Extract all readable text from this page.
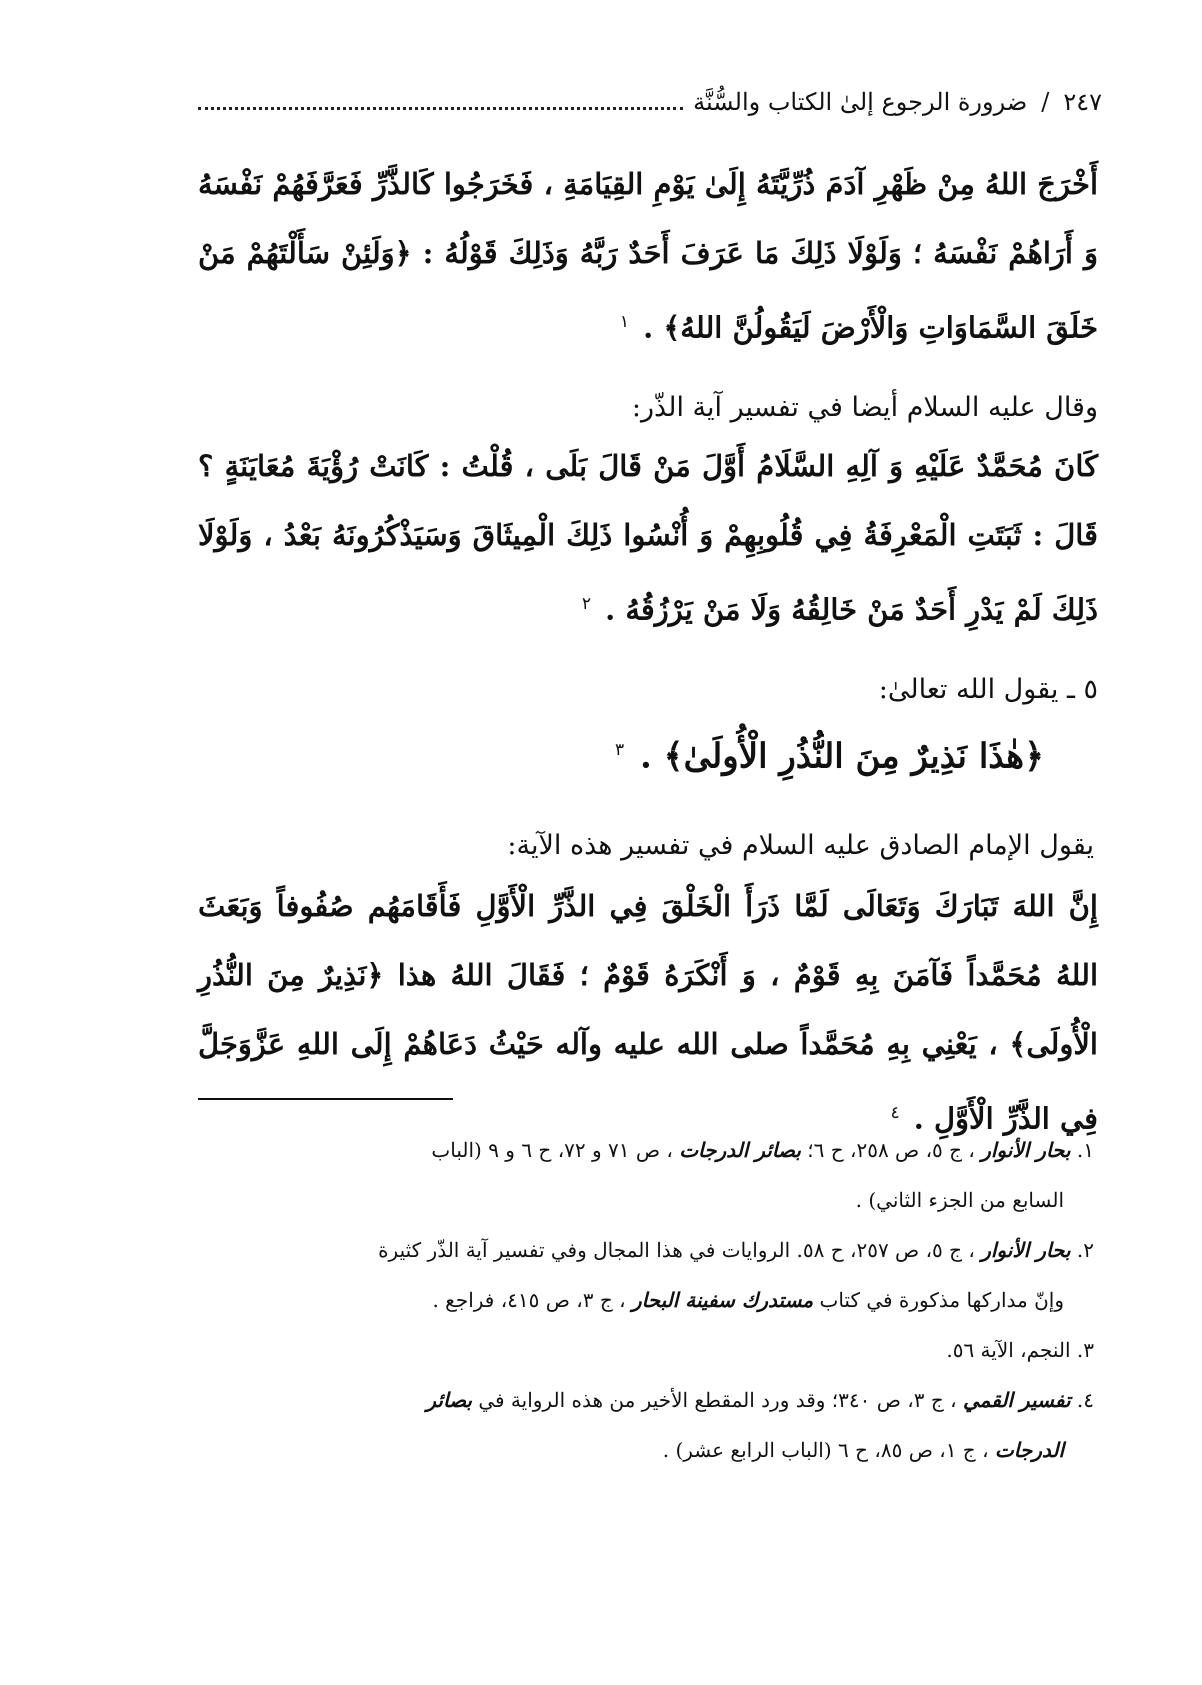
٢٤٧
/
ضرورة الرجوع إلىٰ الكتاب والسُّنَّة
أَخْرَجَ اللهُ مِنْ ظَهْرِ آدَمَ ذُرِّيَّتَهُ إِلَىٰ يَوْمِ القِيَامَةِ ، فَخَرَجُوا كَالذَّرِّ فَعَرَّفَهُمْ نَفْسَهُ وَ أَرَاهُمْ نَفْسَهُ ؛ وَلَوْلَا ذَلِكَ مَا عَرَفَ أَحَدٌ رَبَّهُ وَذَلِكَ قَوْلُهُ : ﴿وَلَئِنْ سَأَلْتَهُمْ مَنْ خَلَقَ السَّمَاوَاتِ وَالْأَرْضَ لَيَقُولُنَّ اللهُ﴾ . $^١$
وقال عليه السلام أيضا في تفسير آية الذّر:
كَانَ مُحَمَّدٌ عَلَيْهِ وَ آلِهِ السَّلَامُ أَوَّلَ مَنْ قَالَ بَلَى ، قُلْتُ : كَانَتْ رُؤْيَةَ مُعَايَنَةٍ ؟ قَالَ : ثَبَتَتِ الْمَعْرِفَةُ فِي قُلُوبِهِمْ وَ أُنْسُوا ذَلِكَ الْمِيثَاقَ وَسَيَذْكُرُونَهُ بَعْدُ ، وَلَوْلَا ذَلِكَ لَمْ يَدْرِ أَحَدٌ مَنْ خَالِقُهُ وَلَا مَنْ يَرْزُقُهُ . $^٢$
٥ ـ يقول الله تعالىٰ:
﴿هٰذَا نَذِيرٌ مِنَ النُّذُرِ الْأُولَىٰ﴾ . $^٣$
يقول الإمام الصادق عليه السلام في تفسير هذه الآية:
إِنَّ اللهَ تَبَارَكَ وَتَعَالَى لَمَّا ذَرَأَ الْخَلْقَ فِي الذَّرِّ الْأَوَّلِ فَأَقَامَهُم صُفُوفاً وَبَعَثَ اللهُ مُحَمَّداً فَآمَنَ بِهِ قَوْمٌ ، وَ أَنْكَرَهُ قَوْمٌ ؛ فَقَالَ اللهُ هذا ﴿نَذِيرٌ مِنَ النُّذُرِ الْأُولَى﴾ ، يَعْنِي بِهِ مُحَمَّداً صلى الله عليه وآله حَيْثُ دَعَاهُمْ إِلَى اللهِ عَزَّوَجَلَّ فِي الذَّرِّ الْأَوَّلِ . $^٤$

١. بحار الأنوار ، ج ٥، ص ٢٥٨، ح ٦؛ بصائر الدرجات ، ص ٧١ و ٧٢، ح ٦ و ٩ (الباب
السابع من الجزء الثاني) .

٢. بحار الأنوار ، ج ٥، ص ٢٥٧، ح ٥٨. الروايات في هذا المجال وفي تفسير آية الذّر كثيرة
وإنّ مداركها مذكورة في كتاب مستدرك سفينة البحار ، ج ٣، ص ٤١٥، فراجع .

٣. النجم، الآية ٥٦.

٤. تفسير القمي ، ج ٣، ص ٣٤٠؛ وقد ورد المقطع الأخير من هذه الرواية في بصائر
الدرجات ، ج ١، ص ٨٥، ح ٦ (الباب الرابع عشر) .
